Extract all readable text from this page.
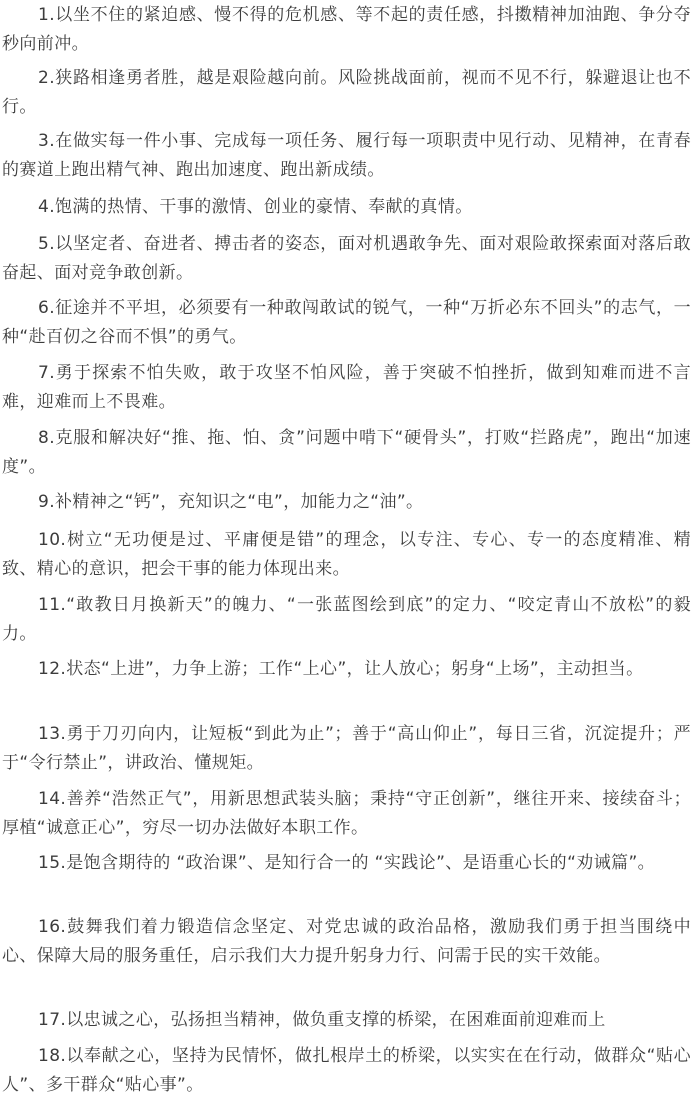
1.以坐不住的紧迫感、慢不得的危机感、等不起的责任感，抖擞精神加油跑、争分夺秒向前冲。

2.狭路相逢勇者胜，越是艰险越向前。风险挑战面前，视而不见不行，躲避退让也不行。

3.在做实每一件小事、完成每一项任务、履行每一项职责中见行动、见精神，在青春的赛道上跑出精气神、跑出加速度、跑出新成绩。

4.饱满的热情、干事的激情、创业的豪情、奉献的真情。

5.以坚定者、奋进者、搏击者的姿态，面对机遇敢争先、面对艰险敢探索面对落后敢奋起、面对竞争敢创新。

6.征途并不平坦，必须要有一种敢闯敢试的锐气，一种“万折必东不回头”的志气，一种“赴百仞之谷而不惧”的勇气。

7.勇于探索不怕失败，敢于攻坚不怕风险，善于突破不怕挫折，做到知难而进不言难，迎难而上不畏难。

8.克服和解决好“推、拖、怕、贪”问题中啃下“硬骨头”，打败“拦路虎”，跑出“加速度”。

9.补精神之“钙”，充知识之“电”，加能力之“油”。

10.树立“无功便是过、平庸便是错”的理念，以专注、专心、专一的态度精准、精致、精心的意识，把会干事的能力体现出来。

11.“敢教日月换新天”的魄力、“一张蓝图绘到底”的定力、“咬定青山不放松”的毅力。

12.状态“上进”，力争上游；工作“上心”，让人放心；躬身“上场”，主动担当。

13.勇于刀刃向内，让短板“到此为止”；善于“高山仰止”，每日三省，沉淀提升；严于“令行禁止”，讲政治、懂规矩。

14.善养“浩然正气”，用新思想武装头脑；秉持“守正创新”，继往开来、接续奋斗；厚植“诚意正心”，穷尽一切办法做好本职工作。

15.是饱含期待的 “政治课”、是知行合一的 “实践论”、是语重心长的“劝诫篇”。

16.鼓舞我们着力锻造信念坚定、对党忠诚的政治品格，激励我们勇于担当围绕中心、保障大局的服务重任，启示我们大力提升躬身力行、问需于民的实干效能。

17.以忠诚之心，弘扬担当精神，做负重支撑的桥梁，在困难面前迎难而上

18.以奉献之心，坚持为民情怀，做扎根岸土的桥梁，以实实在在行动，做群众“贴心人”、多干群众“贴心事”。
